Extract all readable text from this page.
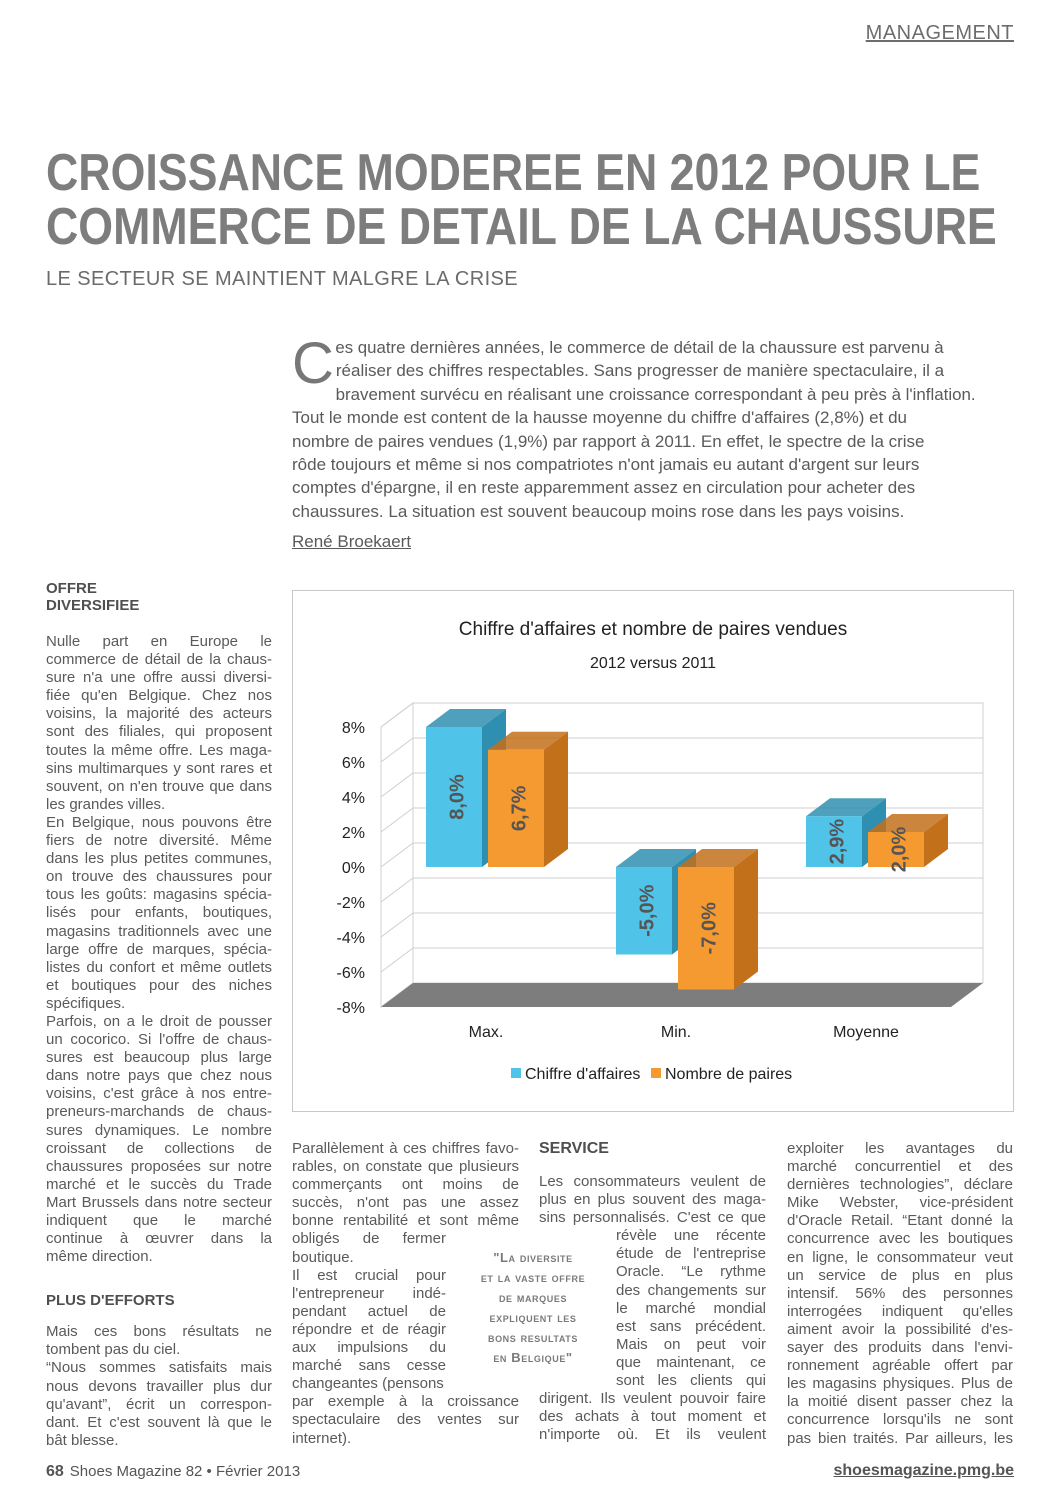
MANAGEMENT
CROISSANCE MODEREE EN 2012 POUR LE
COMMERCE DE DETAIL DE LA CHAUSSURE
LE SECTEUR SE MAINTIENT MALGRE LA CRISE
C es quatre dernières années, le commerce de détail de la chaussure est parvenu à
réaliser des chiffres respectables. Sans progresser de manière spectaculaire, il a
bravement survécu en réalisant une croissance correspondant à peu près à l'inflation.
Tout le monde est content de la hausse moyenne du chiffre d'affaires (2,8%) et du
nombre de paires vendues (1,9%) par rapport à 2011. En effet, le spectre de la crise
rôde toujours et même si nos compatriotes n'ont jamais eu autant d'argent sur leurs
comptes d'épargne, il en reste apparemment assez en circulation pour acheter des
chaussures. La situation est souvent beaucoup moins rose dans les pays voisins.
René Broekaert
OFFRE
DIVERSIFIEE
Nulle part en Europe le
commerce de détail de la chaus-
sure n'a une offre aussi diversi-
fiée qu'en Belgique. Chez nos
voisins, la majorité des acteurs
sont des filiales, qui proposent
toutes la même offre. Les maga-
sins multimarques y sont rares et
souvent, on n'en trouve que dans
les grandes villes.
En Belgique, nous pouvons être
fiers de notre diversité. Même
dans les plus petites communes,
on trouve des chaussures pour
tous les goûts: magasins spécia-
lisés pour enfants, boutiques,
magasins traditionnels avec une
large offre de marques, spécia-
listes du confort et même outlets
et boutiques pour des niches
spécifiques.
Parfois, on a le droit de pousser
un cocorico. Si l'offre de chaus-
sures est beaucoup plus large
dans notre pays que chez nous
voisins, c'est grâce à nos entre-
preneurs-marchands de chaus-
sures dynamiques. Le nombre
croissant de collections de
chaussures proposées sur notre
marché et le succès du Trade
Mart Brussels dans notre secteur
indiquent que le marché
continue à œuvrer dans la
même direction.
PLUS D'EFFORTS
Mais ces bons résultats ne
tombent pas du ciel.
“Nous sommes satisfaits mais
nous devons travailler plus dur
qu'avant”, écrit un correspon-
dant. Et c'est souvent là que le
bât blesse.
Chiffre d'affaires et nombre de paires vendues
2012 versus 2011
8%
6%
4%
2%
0%
-2%
-4%
-6%
-8%
8,0% 6,7%
Max.
-5,0% -7,0%
Min.
2,9% 2,0%
Moyenne
Chiffre d'affaires Nombre de paires
Parallèlement à ces chiffres favo-
rables, on constate que plusieurs
commerçants ont moins de
succès, n'ont pas une assez
bonne rentabilité et sont même
obligés de fermer
boutique.
Il est crucial pour
l'entrepreneur indé-
pendant actuel de
répondre et de réagir
aux impulsions du
marché sans cesse
changeantes (pensons
par exemple à la croissance
spectaculaire des ventes sur
internet).
SERVICE
Les consommateurs veulent de
plus en plus souvent des maga-
sins personnalisés. C'est ce que
révèle une récente
étude de l'entreprise
Oracle. “Le rythme
des changements sur
le marché mondial
est sans précédent.
Mais on peut voir
que maintenant, ce
sont les clients qui
dirigent. Ils veulent pouvoir faire
des achats à tout moment et
n'importe où. Et ils veulent
exploiter les avantages du
marché concurrentiel et des
dernières technologies”, déclare
Mike Webster, vice-président
d'Oracle Retail. “Etant donné la
concurrence avec les boutiques
en ligne, le consommateur veut
un service de plus en plus
intensif. 56% des personnes
interrogées indiquent qu'elles
aiment avoir la possibilité d'es-
sayer des produits dans l'envi-
ronnement agréable offert par
les magasins physiques. Plus de
la moitié disent passer chez la
concurrence lorsqu'ils ne sont
pas bien traités. Par ailleurs, les
"La diversite
et la vaste offre
de marques
expliquent les
bons resultats
en Belgique"
68 Shoes Magazine 82 • Février 2013	shoesmagazine.pmg.be
